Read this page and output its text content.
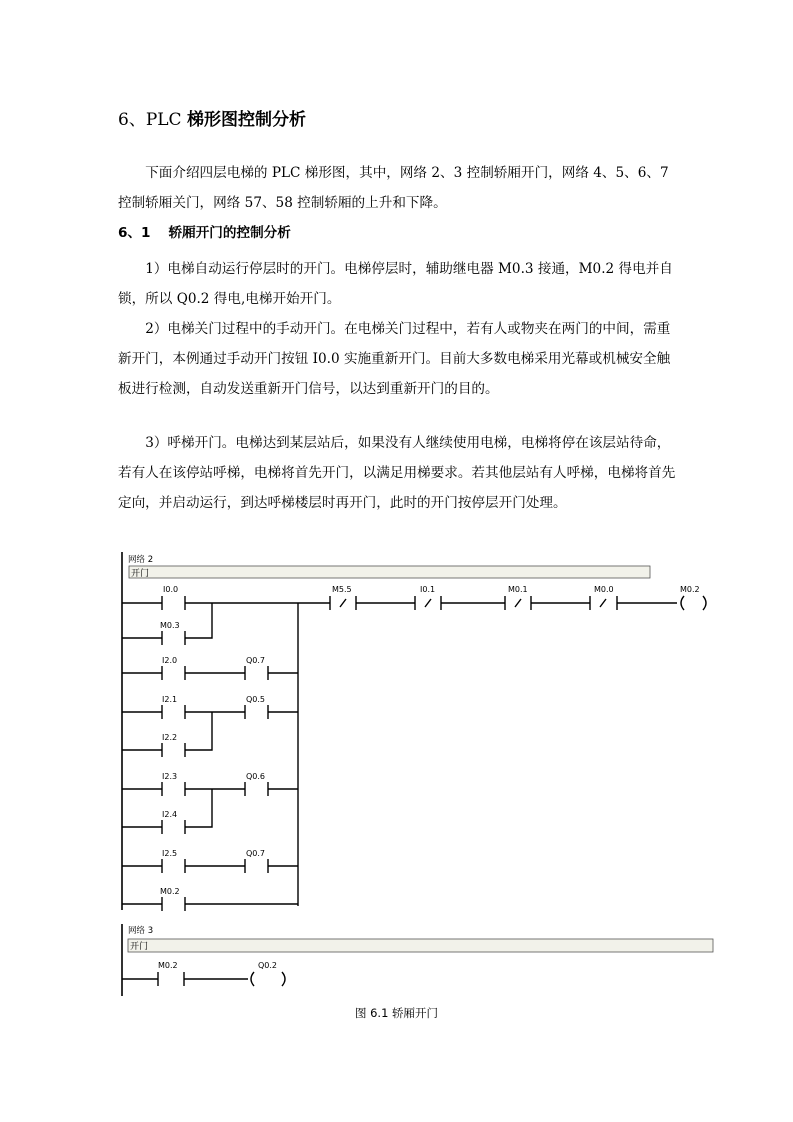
6、PLC 梯形图控制分析

下面介绍四层电梯的 PLC 梯形图，其中，网络 2、3 控制轿厢开门，网络 4、5、6、7 控制轿厢关门，网络 57、58 控制轿厢的上升和下降。

6、1 轿厢开门的控制分析

1）电梯自动运行停层时的开门。电梯停层时，辅助继电器 M0.3 接通，M0.2 得电并自锁，所以 Q0.2 得电,电梯开始开门。

2）电梯关门过程中的手动开门。在电梯关门过程中，若有人或物夹在两门的中间，需重新开门，本例通过手动开门按钮 I0.0 实施重新开门。目前大多数电梯采用光幕或机械安全触板进行检测，自动发送重新开门信号，以达到重新开门的目的。

3）呼梯开门。电梯达到某层站后，如果没有人继续使用电梯，电梯将停在该层站待命，若有人在该停站呼梯，电梯将首先开门，以满足用梯要求。若其他层站有人呼梯，电梯将首先定向，并启动运行，到达呼梯楼层时再开门，此时的开门按停层开门处理。

网络 2
开门
I0.0	M5.5	I0.1	M0.1	M0.0	M0.2
M0.3
I2.0	Q0.7
I2.1	Q0.5
I2.2
I2.3	Q0.6
I2.4
I2.5	Q0.7
M0.2
网络 3
开门
M0.2	Q0.2
图 6.1 轿厢开门
